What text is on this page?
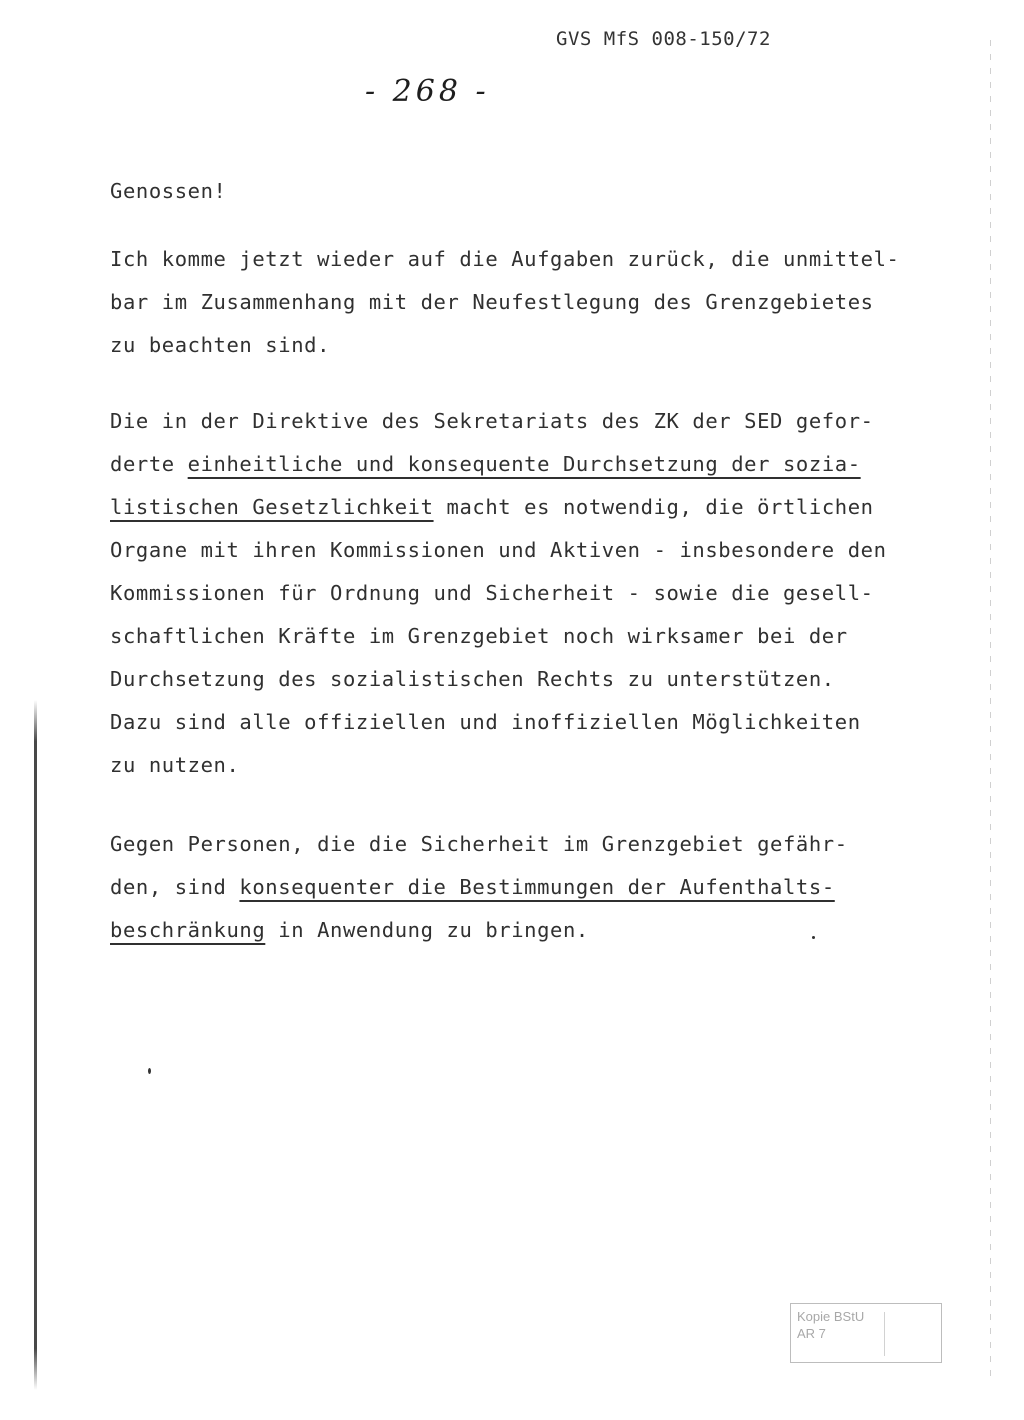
GVS MfS 008-150/72
- 268 -

Genossen!

Ich komme jetzt wieder auf die Aufgaben zurück, die unmittel-
bar im Zusammenhang mit der Neufestlegung des Grenzgebietes
zu beachten sind.

Die in der Direktive des Sekretariats des ZK der SED gefor-
derte einheitliche und konsequente Durchsetzung der sozia-
listischen Gesetzlichkeit macht es notwendig, die örtlichen
Organe mit ihren Kommissionen und Aktiven - insbesondere den
Kommissionen für Ordnung und Sicherheit - sowie die gesell-
schaftlichen Kräfte im Grenzgebiet noch wirksamer bei der
Durchsetzung des sozialistischen Rechts zu unterstützen.
Dazu sind alle offiziellen und inoffiziellen Möglichkeiten
zu nutzen.

Gegen Personen, die die Sicherheit im Grenzgebiet gefähr-
den, sind konsequenter die Bestimmungen der Aufenthalts-
beschränkung in Anwendung zu bringen.

Kopie BStU
AR 7
